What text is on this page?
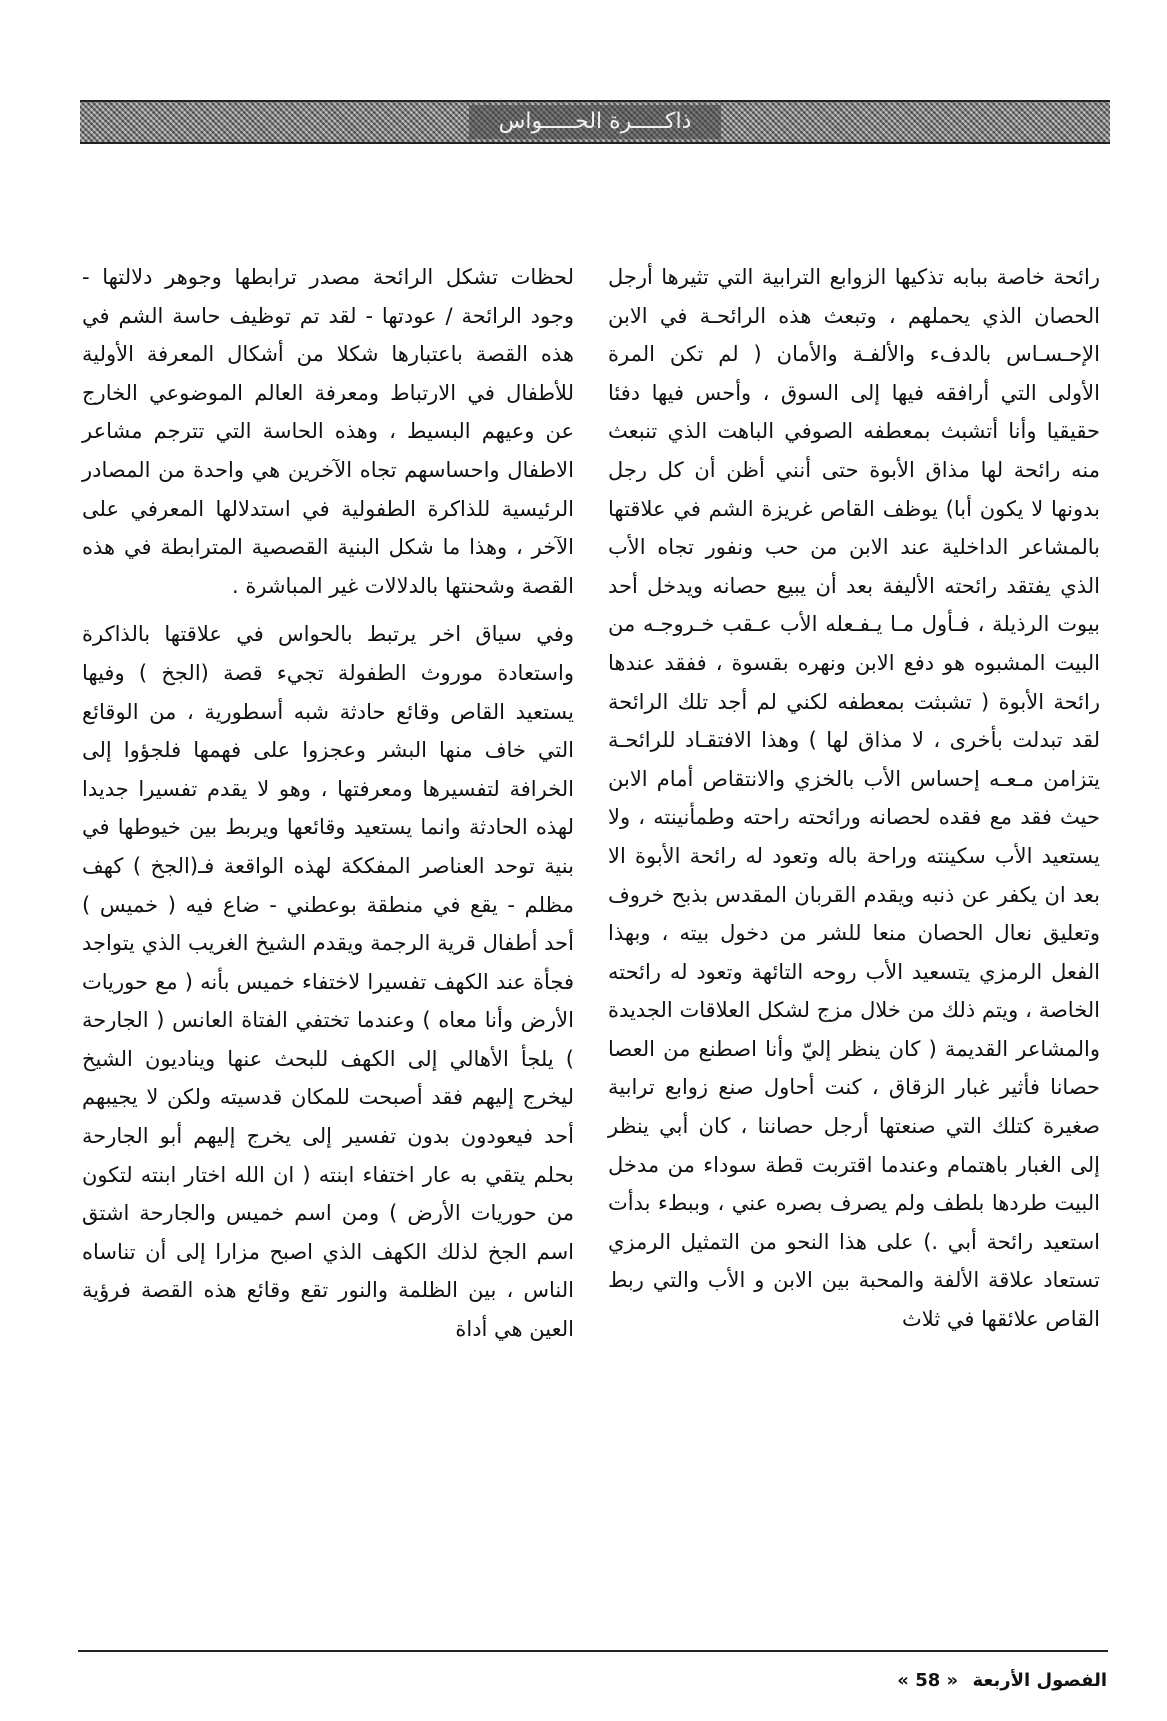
ذاكـــــرة الحـــــواس

رائحة خاصة ببابه تذكيها الزوابع الترابية التي تثيرها أرجل الحصان الذي يحملهم ، وتبعث هذه الرائحـة في الابن الإحـسـاس بالدفء والألفـة والأمان ( لم تكن المرة الأولى التي أرافقه فيها إلى السوق ، وأحس فيها دفئا حقيقيا وأنا أتشبث بمعطفه الصوفي الباهت الذي تنبعث منه رائحة لها مذاق الأبوة حتى أنني أظن أن كل رجل بدونها لا يكون أبا) يوظف القاص غريزة الشم في علاقتها بالمشاعر الداخلية عند الابن من حب ونفور تجاه الأب الذي يفتقد رائحته الأليفة بعد أن يبيع حصانه ويدخل أحد بيوت الرذيلة ، فـأول مـا يـفـعله الأب عـقب خـروجـه من البيت المشبوه هو دفع الابن ونهره بقسوة ، ففقد عندها رائحة الأبوة ( تشبثت بمعطفه لكني لم أجد تلك الرائحة لقد تبدلت بأخرى ، لا مذاق لها ) وهذا الافتقـاد للرائحـة يتزامن مـعـه إحساس الأب بالخزي والانتقاص أمام الابن حيث فقد مع فقده لحصانه ورائحته راحته وطمأنينته ، ولا يستعيد الأب سكينته وراحة باله وتعود له رائحة الأبوة الا بعد ان يكفر عن ذنبه ويقدم القربان المقدس بذبح خروف وتعليق نعال الحصان منعا للشر من دخول بيته ، وبهذا الفعل الرمزي يتسعيد الأب روحه التائهة وتعود له رائحته الخاصة ، ويتم ذلك من خلال مزج لشكل العلاقات الجديدة والمشاعر القديمة ( كان ينظر إليّ وأنا اصطنع من العصا حصانا فأثير غبار الزقاق ، كنت أحاول صنع زوابع ترابية صغيرة كتلك التي صنعتها أرجل حصاننا ، كان أبي ينظر إلى الغبار باهتمام وعندما اقتربت قطة سوداء من مدخل البيت طردها بلطف ولم يصرف بصره عني ، وببطء بدأت استعيد رائحة أبي .) على هذا النحو من التمثيل الرمزي تستعاد علاقة الألفة والمحبة بين الابن و الأب والتي ربط القاص علائقها في ثلاث

لحظات تشكل الرائحة مصدر ترابطها وجوهر دلالتها - وجود الرائحة / عودتها - لقد تم توظيف حاسة الشم في هذه القصة باعتبارها شكلا من أشكال المعرفة الأولية للأطفال في الارتباط ومعرفة العالم الموضوعي الخارج عن وعيهم البسيط ، وهذه الحاسة التي تترجم مشاعر الاطفال واحساسهم تجاه الآخرين هي واحدة من المصادر الرئيسية للذاكرة الطفولية في استدلالها المعرفي على الآخر ، وهذا ما شكل البنية القصصية المترابطة في هذه القصة وشحنتها بالدلالات غير المباشرة .

وفي سياق اخر يرتبط بالحواس في علاقتها بالذاكرة واستعادة موروث الطفولة تجيء قصة (الجخ ) وفيها يستعيد القاص وقائع حادثة شبه أسطورية ، من الوقائع التي خاف منها البشر وعجزوا على فهمها فلجؤوا إلى الخرافة لتفسيرها ومعرفتها ، وهو لا يقدم تفسيرا جديدا لهذه الحادثة وانما يستعيد وقائعها ويربط بين خيوطها في بنية توحد العناصر المفككة لهذه الواقعة فـ(الجخ ) كهف مظلم - يقع في منطقة بوعطني - ضاع فيه ( خميس ) أحد أطفال قرية الرجمة ويقدم الشيخ الغريب الذي يتواجد فجأة عند الكهف تفسيرا لاختفاء خميس بأنه ( مع حوريات الأرض وأنا معاه ) وعندما تختفي الفتاة العانس ( الجارحة ) يلجأ الأهالي إلى الكهف للبحث عنها ويناديون الشيخ ليخرج إليهم فقد أصبحت للمكان قدسيته ولكن لا يجيبهم أحد فيعودون بدون تفسير إلى يخرج إليهم أبو الجارحة بحلم يتقي به عار اختفاء ابنته ( ان الله اختار ابنته لتكون من حوريات الأرض ) ومن اسم خميس والجارحة اشتق اسم الجخ لذلك الكهف الذي اصبح مزارا إلى أن تناساه الناس ، بين الظلمة والنور تقع وقائع هذه القصة فرؤية العين هي أداة

الفصول الأربعة « 58 »
